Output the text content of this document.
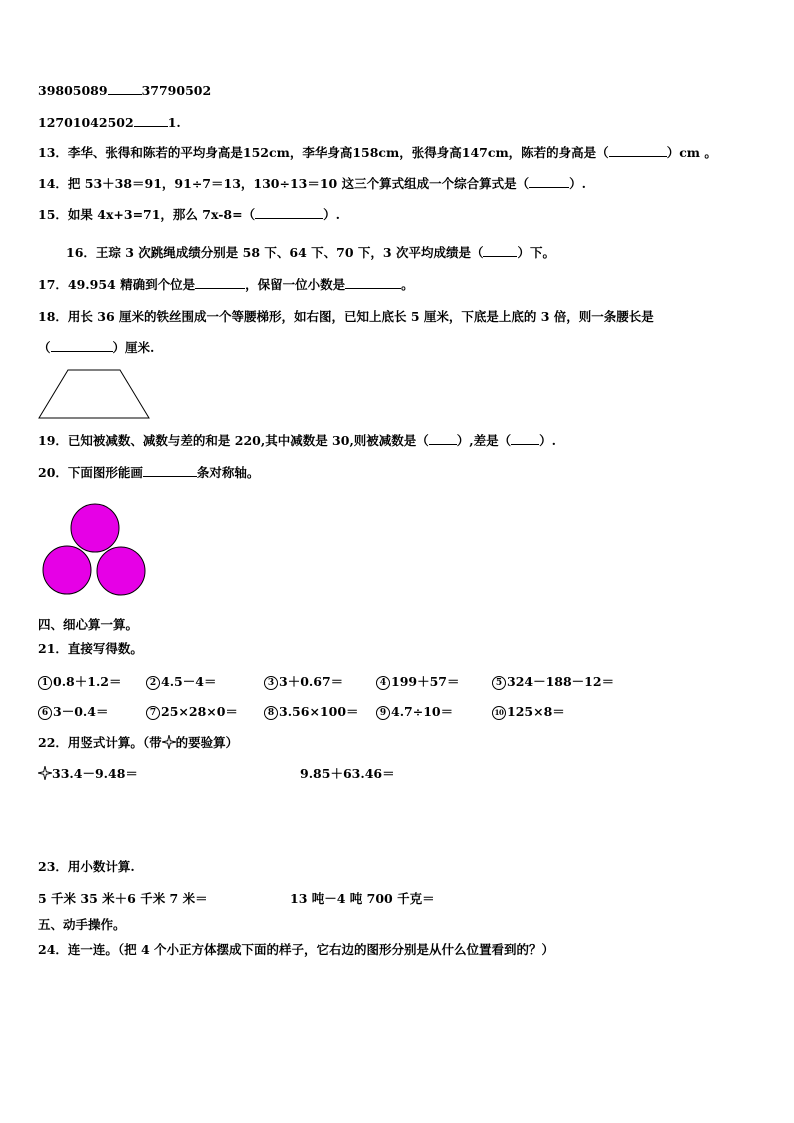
39805089	37790502
12701042502	1.
13．李华、张得和陈若的平均身高是152cm，李华身高158cm，张得身高147cm，陈若的身高是（	）cm 。
14．把 53＋38＝91，91÷7＝13，130÷13＝10 这三个算式组成一个综合算式是（	）.
15．如果 4x+3=71，那么 7x-8=（	）.
16．王琮 3 次跳绳成绩分别是 58 下、64 下、70 下，3 次平均成绩是（	）下。
17．49.954 精确到个位是	，保留一位小数是	。
18．用长 36 厘米的铁丝围成一个等腰梯形，如右图，已知上底长 5 厘米，下底是上底的 3 倍，则一条腰长是
（	）厘米.
19．已知被减数、减数与差的和是 220,其中减数是 30,则被减数是（ ）,差是（ ）.
20．下面图形能画	条对称轴。
四、细心算一算。
21．直接写得数。
1 0.8＋1.2＝	2 4.5－4＝	3 3＋0.67＝	4 199＋57＝	5 324－188－12＝
6 3－0.4＝	7 25×28×0＝	8 3.56×100＝	9 4.7÷10＝	10 125×8＝
22．用竖式计算。（带 的要验算）
33.4－9.48＝	9.85＋63.46＝
23．用小数计算.
5 千米 35 米＋6 千米 7 米＝	13 吨－4 吨 700 千克＝
五、动手操作。
24．连一连。（把 4 个小正方体摆成下面的样子，它右边的图形分别是从什么位置看到的？）
